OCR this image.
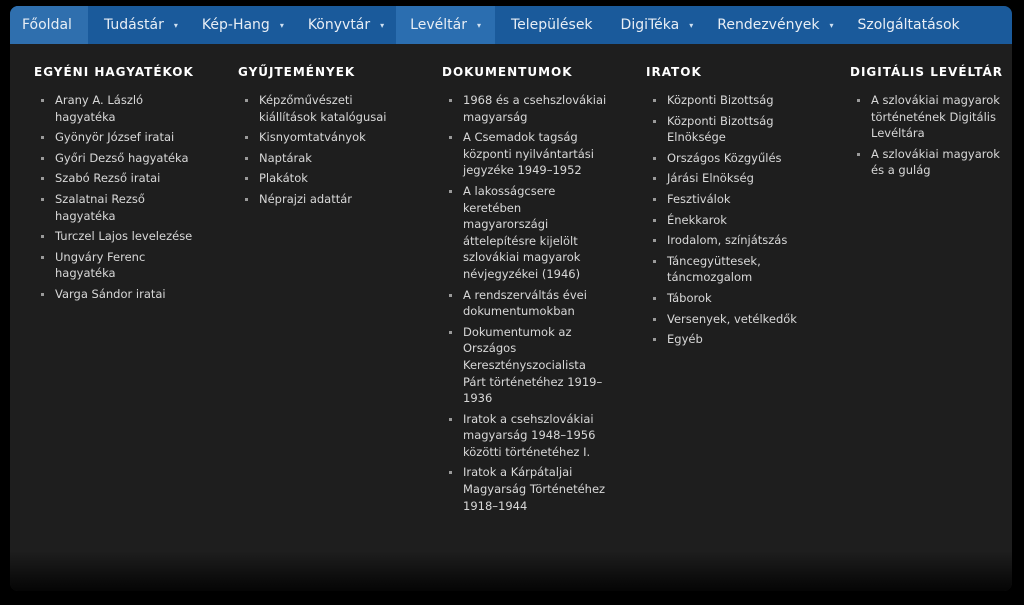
Főoldal Tudástár ▾ Kép-Hang ▾ Könyvtár ▾ Levéltár ▾ Települések DigiTéka ▾ Rendezvények ▾ Szolgáltatások
EGYÉNI HAGYATÉKOK
Arany A. László hagyatéka
Gyönyör József iratai
Győri Dezső hagyatéka
Szabó Rezső iratai
Szalatnai Rezső hagyatéka
Turczel Lajos levelezése
Ungváry Ferenc hagyatéka
Varga Sándor iratai
GYŰJTEMÉNYEK
Képzőművészeti kiállítások katalógusai
Kisnyomtatványok
Naptárak
Plakátok
Néprajzi adattár
DOKUMENTUMOK
1968 és a csehszlovákiai magyarság
A Csemadok tagság központi nyilvántartási jegyzéke 1949–1952
A lakosságcsere keretében magyarországi áttelepítésre kijelölt szlovákiai magyarok névjegyzékei (1946)
A rendszerváltás évei dokumentumokban
Dokumentumok az Országos Keresztényszocialista Párt történetéhez 1919–1936
Iratok a csehszlovákiai magyarság 1948–1956 közötti történetéhez I.
Iratok a Kárpátaljai Magyarság Történetéhez 1918–1944
IRATOK
Központi Bizottság
Központi Bizottság Elnöksége
Országos Közgyűlés
Járási Elnökség
Fesztiválok
Énekkarok
Irodalom, színjátszás
Táncegyüttesek, táncmozgalom
Táborok
Versenyek, vetélkedők
Egyéb
DIGITÁLIS LEVÉLTÁR
A szlovákiai magyarok történetének Digitális Levéltára
A szlovákiai magyarok és a gulág
